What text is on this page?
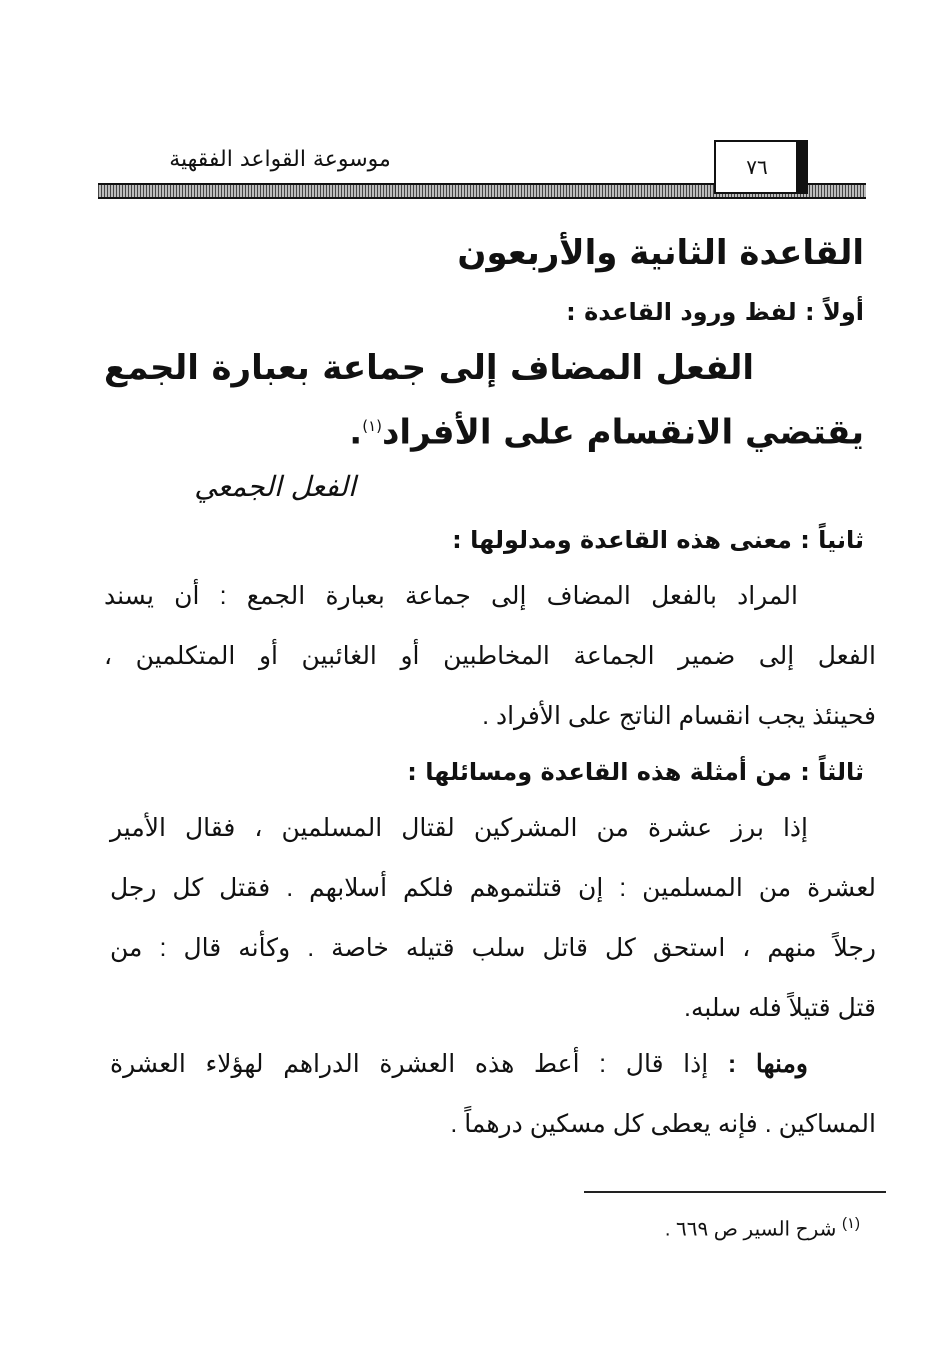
موسوعة القواعد الفقهية	٧٦
القاعدة الثانية والأربعون
أولاً : لفظ ورود القاعدة :
الفعل المضاف إلى جماعة بعبارة الجمع
يقتضي الانقسام على الأفراد$^{(١)}$.
الفعل الجمعي
ثانياً : معنى هذه القاعدة ومدلولها :
المراد بالفعل المضاف إلى جماعة بعبارة الجمع : أن يسند
الفعل إلى ضمير الجماعة المخاطبين أو الغائبين أو المتكلمين ،
فحينئذ يجب انقسام الناتج على الأفراد .
ثالثاً : من أمثلة هذه القاعدة ومسائلها :
إذا برز عشرة من المشركين لقتال المسلمين ، فقال الأمير
لعشرة من المسلمين : إن قتلتموهم فلكم أسلابهم . فقتل كل رجل
رجلاً منهم ، استحق كل قاتل سلب قتيله خاصة . وكأنه قال : من
قتل قتيلاً فله سلبه.
ومنها : إذا قال : أعط هذه العشرة الدراهم لهؤلاء العشرة
المساكين . فإنه يعطى كل مسكين درهماً .
$^{(١)}$ شرح السير ص ٦٦٩ .
